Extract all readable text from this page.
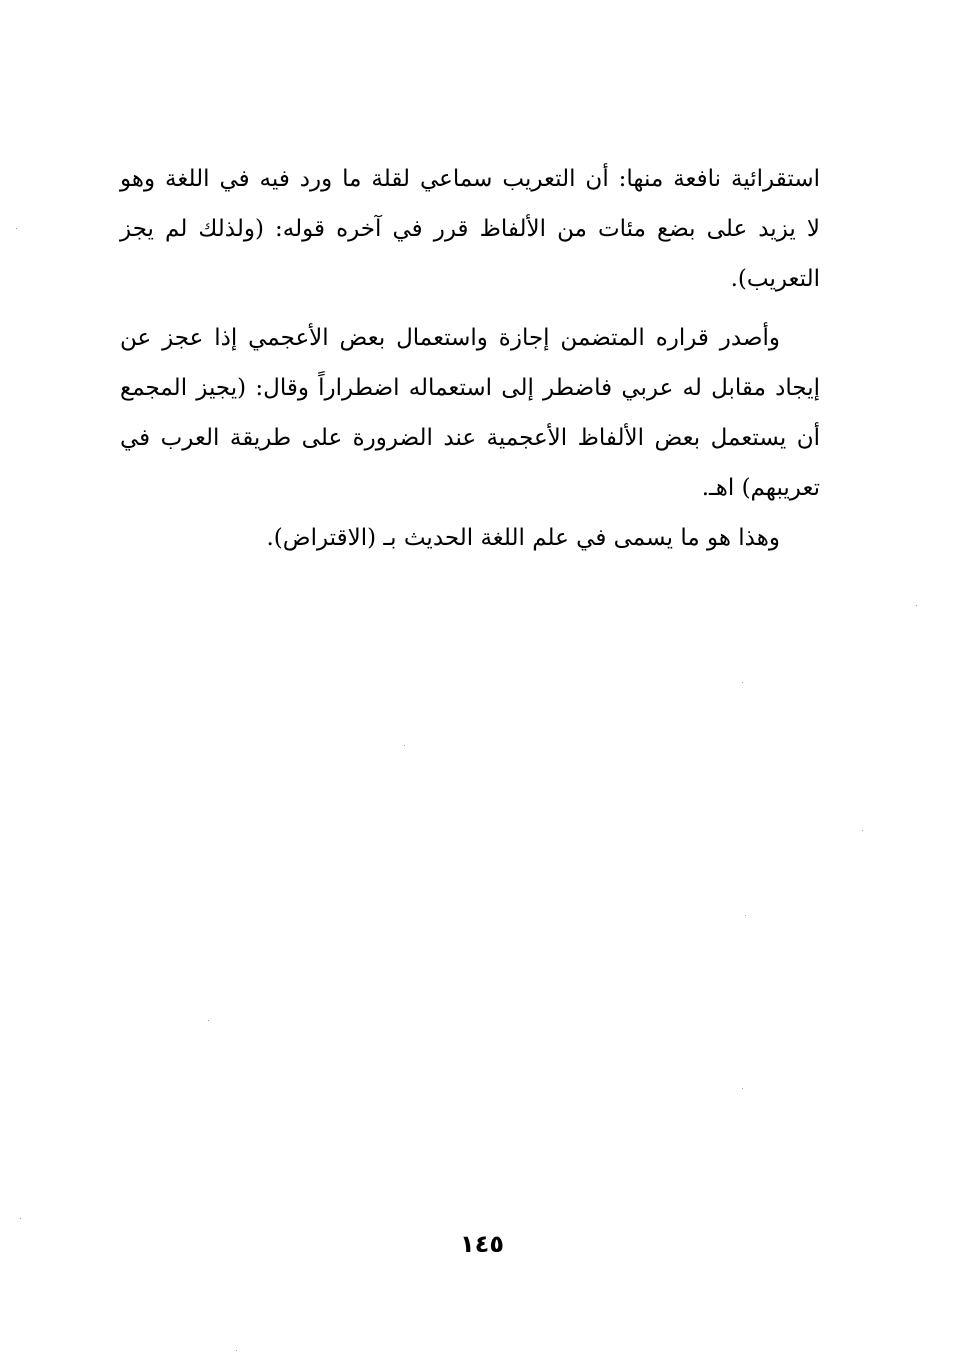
استقرائية نافعة منها: أن التعريب سماعي لقلة ما ورد فيه في اللغة وهو
لا يزيد على بضع مئات من الألفاظ قرر في آخره قوله: (ولذلك لم يجز
التعريب).
وأصدر قراره المتضمن إجازة واستعمال بعض الأعجمي إذا عجز عن
إيجاد مقابل له عربي فاضطر إلى استعماله اضطراراً وقال: (يجيز المجمع
أن يستعمل بعض الألفاظ الأعجمية عند الضرورة على طريقة العرب في
تعريبهم) اهـ.
وهذا هو ما يسمى في علم اللغة الحديث بـ (الاقتراض).
١٤٥
